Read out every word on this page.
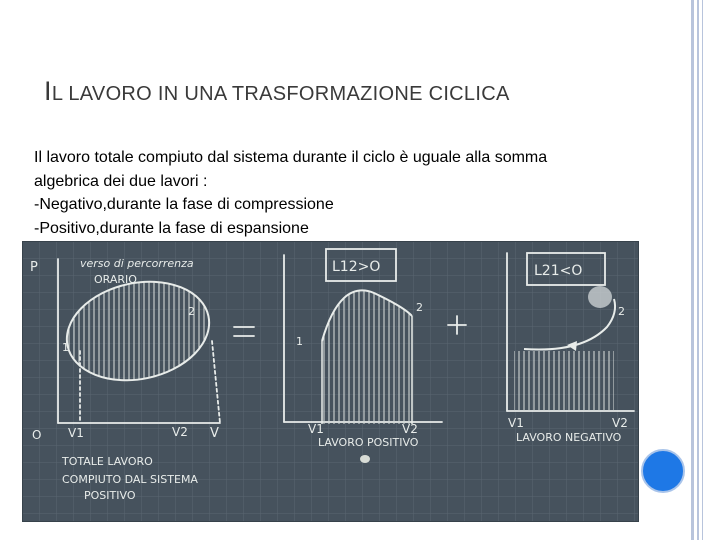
IL LAVORO IN UNA TRASFORMAZIONE CICLICA
Il lavoro totale compiuto dal sistema durante il ciclo è uguale alla somma
algebrica dei due lavori :
-Negativo,durante la fase di compressione
-Positivo,durante la fase di espansione
P	verso di percorrenza
ORARIO
O V1	V2 V
1
2
L12>O
1
2
V1	V2
LAVORO POSITIVO
L21<O
2
V1	V2
LAVORO NEGATIVO
TOTALE LAVORO
COMPIUTO DAL SISTEMA
POSITIVO
